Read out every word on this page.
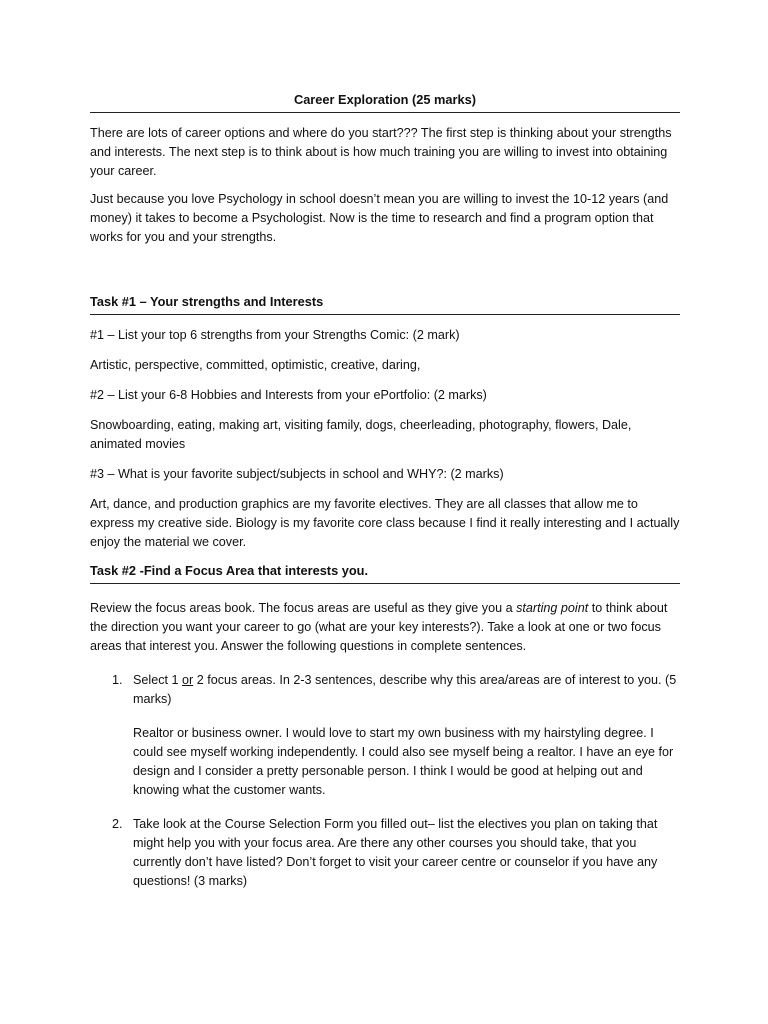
Career Exploration (25 marks)

There are lots of career options and where do you start??? The first step is thinking about your strengths and interests. The next step is to think about is how much training you are willing to invest into obtaining your career.

Just because you love Psychology in school doesn’t mean you are willing to invest the 10-12 years (and money) it takes to become a Psychologist. Now is the time to research and find a program option that works for you and your strengths.

Task #1 – Your strengths and Interests

#1 – List your top 6 strengths from your Strengths Comic: (2 mark)

Artistic, perspective, committed, optimistic, creative, daring,

#2 – List your 6-8 Hobbies and Interests from your ePortfolio: (2 marks)

Snowboarding, eating, making art, visiting family, dogs, cheerleading, photography, flowers, Dale, animated movies

#3 – What is your favorite subject/subjects in school and WHY?: (2 marks)

Art, dance, and production graphics are my favorite electives. They are all classes that allow me to express my creative side. Biology is my favorite core class because I find it really interesting and I actually enjoy the material we cover.

Task #2 -Find a Focus Area that interests you.

Review the focus areas book. The focus areas are useful as they give you a starting point to think about the direction you want your career to go (what are your key interests?). Take a look at one or two focus areas that interest you. Answer the following questions in complete sentences.

1. Select 1 or 2 focus areas. In 2-3 sentences, describe why this area/areas are of interest to you. (5 marks)
Realtor or business owner. I would love to start my own business with my hairstyling degree. I could see myself working independently. I could also see myself being a realtor. I have an eye for design and I consider a pretty personable person. I think I would be good at helping out and knowing what the customer wants.
2. Take look at the Course Selection Form you filled out– list the electives you plan on taking that might help you with your focus area. Are there any other courses you should take, that you currently don’t have listed? Don’t forget to visit your career centre or counselor if you have any questions! (3 marks)
